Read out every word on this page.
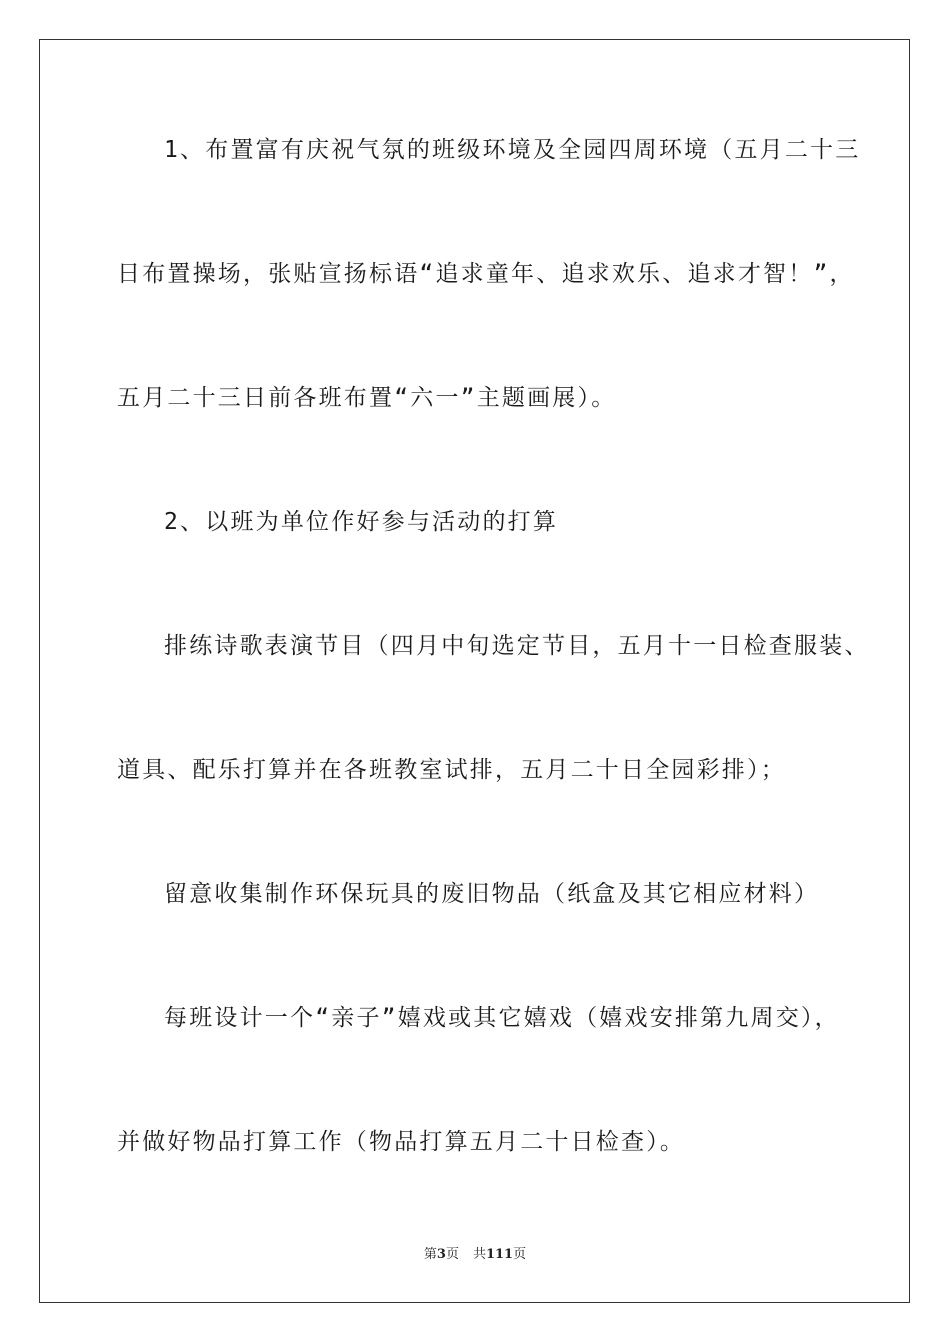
1、布置富有庆祝气氛的班级环境及全园四周环境（五月二十三
日布置操场，张贴宣扬标语“追求童年、追求欢乐、追求才智！”，
五月二十三日前各班布置“六一”主题画展）。
2、以班为单位作好参与活动的打算
排练诗歌表演节目（四月中旬选定节目，五月十一日检查服装、
道具、配乐打算并在各班教室试排，五月二十日全园彩排）；
留意收集制作环保玩具的废旧物品（纸盒及其它相应材料）
每班设计一个“亲子”嬉戏或其它嬉戏（嬉戏安排第九周交），
并做好物品打算工作（物品打算五月二十日检查）。
第3页 共111页
